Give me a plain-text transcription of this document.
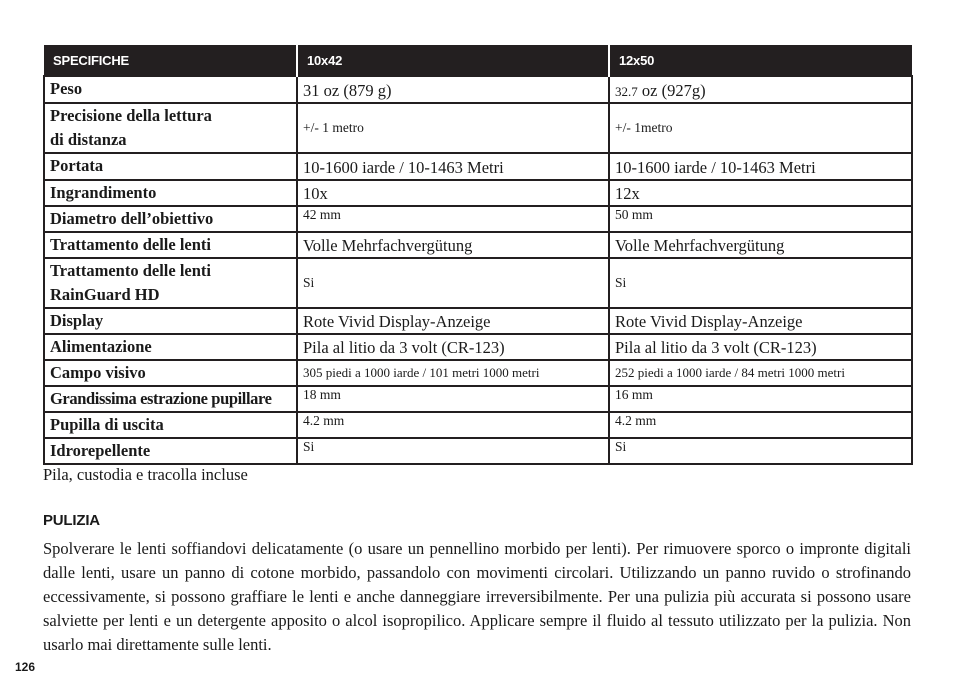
SPECIFICHE	10x42	12x50
Peso	31 oz (879 g)	32.7 oz (927g)
Precisione della lettura
di distanza	+/- 1 metro	+/- 1metro
Portata	10-1600 iarde / 10-1463 Metri	10-1600 iarde / 10-1463 Metri
Ingrandimento	10x	12x
Diametro dell’obiettivo	42 mm	50 mm
Trattamento delle lenti	Volle Mehrfachvergütung	Volle Mehrfachvergütung
Trattamento delle lenti
RainGuard HD	Si	Si
Display	Rote Vivid Display-Anzeige	Rote Vivid Display-Anzeige
Alimentazione	Pila al litio da 3 volt (CR-123)	Pila al litio da 3 volt (CR-123)
Campo visivo	305 piedi a 1000 iarde / 101 metri 1000 metri	252 piedi a 1000 iarde / 84 metri 1000 metri
Grandissima estrazione pupillare	18 mm	16 mm
Pupilla di uscita	4.2 mm	4.2 mm
Idrorepellente	Si	Si
Pila, custodia e tracolla incluse
PULIZIA

Spolverare le lenti soffiandovi delicatamente (o usare un pennellino morbido per lenti). Per rimuovere sporco o impronte digitali dalle lenti, usare un panno di cotone morbido, passandolo con movimenti circolari. Utilizzando un panno ruvido o strofinando eccessivamente, si possono graffiare le lenti e anche danneggiare irreversibilmente. Per una pulizia più accurata si possono usare salviette per lenti e un detergente apposito o alcol isopropilico. Applicare sempre il fluido al tessuto utilizzato per la pulizia. Non usarlo mai direttamente sulle lenti.

126
